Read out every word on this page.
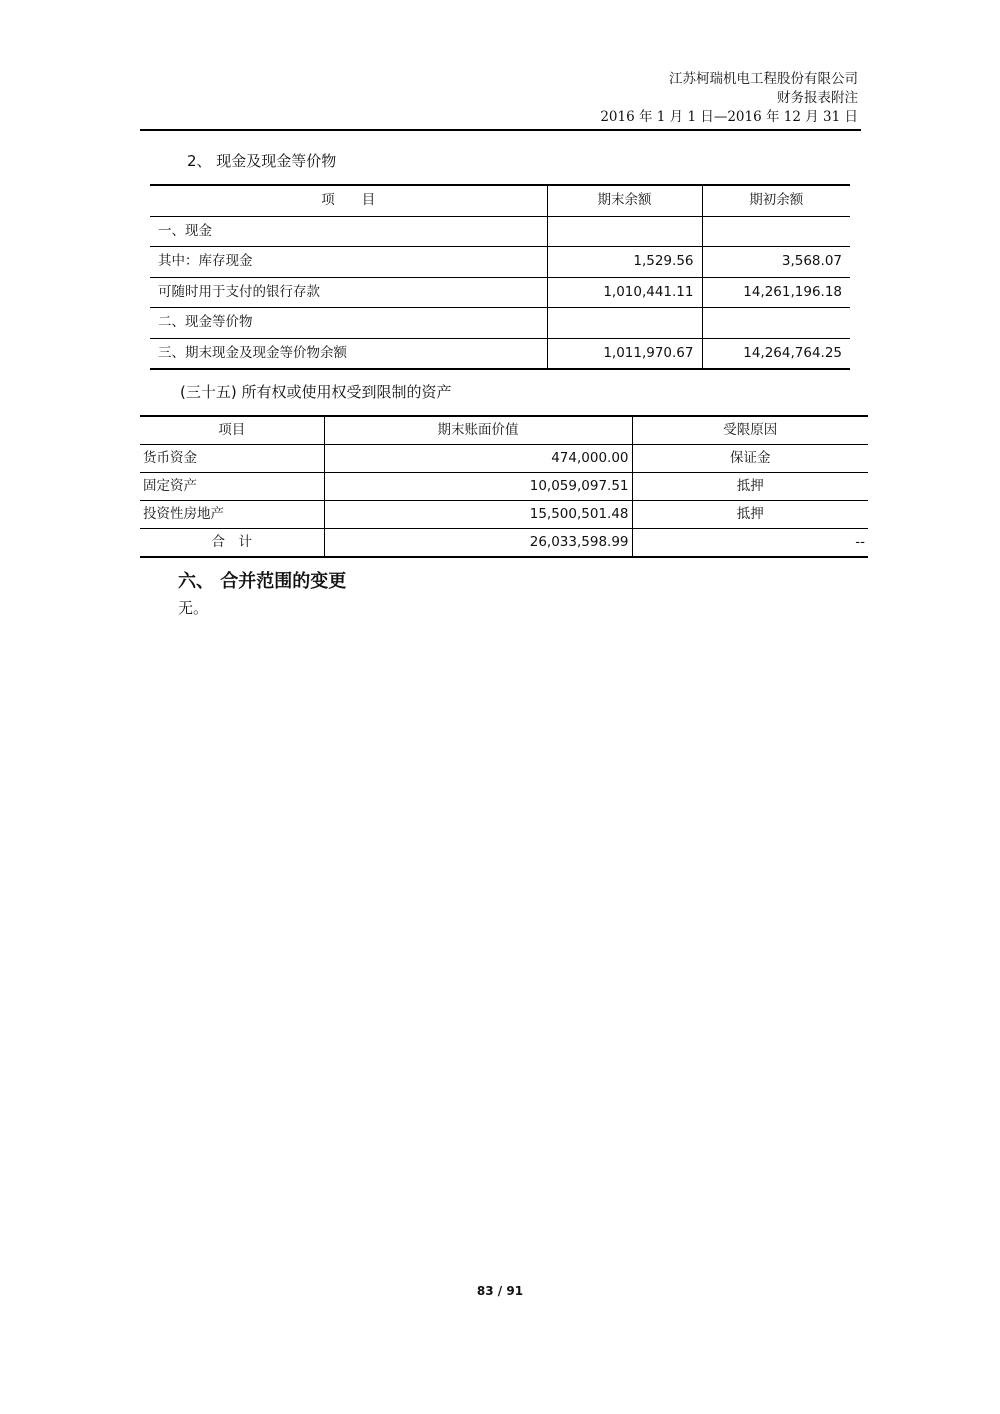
江苏柯瑞机电工程股份有限公司
财务报表附注
2016 年 1 月 1 日—2016 年 12 月 31 日
2、 现金及现金等价物
项　　目	期末余额	期初余额
一、现金		
其中：库存现金	1,529.56	3,568.07
可随时用于支付的银行存款	1,010,441.11	14,261,196.18
二、现金等价物		
三、期末现金及现金等价物余额	1,011,970.67	14,264,764.25
(三十五) 所有权或使用权受到限制的资产
项目	期末账面价值	受限原因
货币资金	474,000.00	保证金
固定资产	10,059,097.51	抵押
投资性房地产	15,500,501.48	抵押
合　计	26,033,598.99	--
六、 合并范围的变更
无。
83 / 91
